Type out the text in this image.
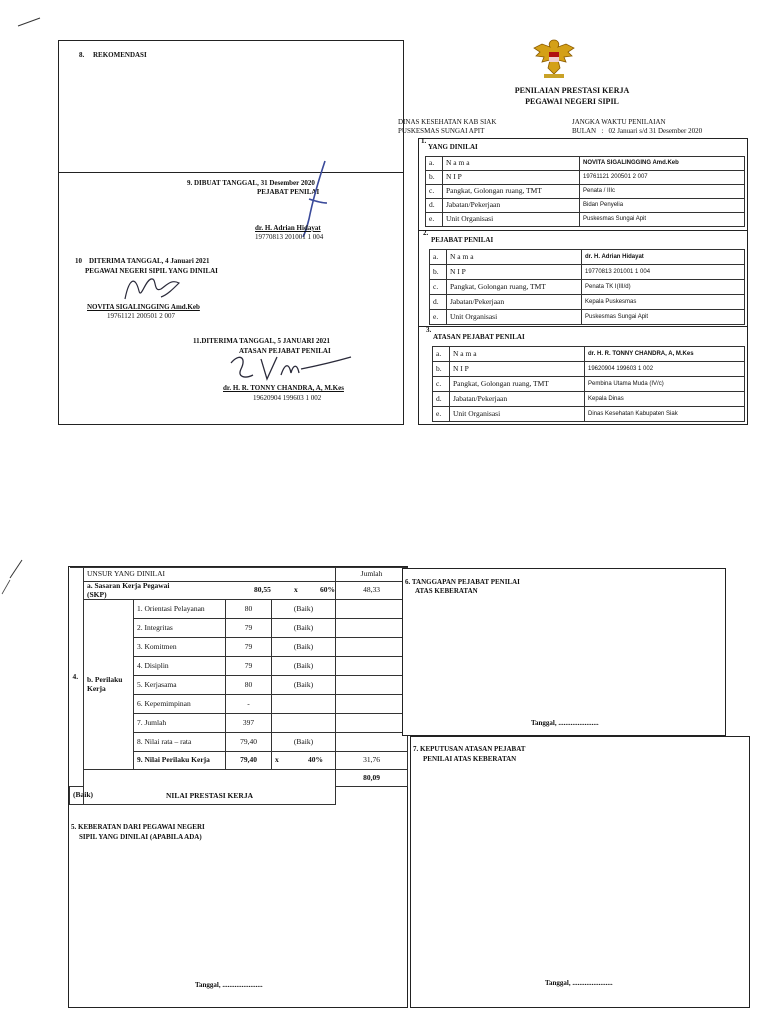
8.     REKOMENDASI
9. DIBUAT TANGGAL, 31 Desember 2020
PEJABAT PENILAI
dr. H. Adrian Hidayat
19770813 201001 1 004
10    DITERIMA TANGGAL, 4 Januari 2021
PEGAWAI NEGERI SIPIL YANG DINILAI
NOVITA SIGALINGGING Amd.Keb
19761121 200501 2 007
11.DITERIMA TANGGAL, 5 JANUARI 2021
ATASAN PEJABAT PENILAI
dr. H. R. TONNY CHANDRA, A, M.Kes
19620904 199603 1 002
PENILAIAN PRESTASI KERJA
PEGAWAI NEGERI SIPIL
DINAS KESEHATAN KAB SIAK
PUSKESMAS SUNGAI APIT
JANGKA WAKTU PENILAIAN
BULAN   :   02 Januari s/d 31 Desember 2020
1.
YANG DINILAI
a.	N a m a	NOVITA SIGALINGGING Amd.Keb
b.	N I P	19761121 200501 2 007
c.	Pangkat, Golongan ruang, TMT	Penata / IIIc
d.	Jabatan/Pekerjaan	Bidan Penyelia
e.	Unit Organisasi	Puskesmas Sungai Apit
2.
PEJABAT PENILAI
a.	N a m a	dr. H. Adrian Hidayat
b.	N I P	19770813 201001 1 004
c.	Pangkat, Golongan ruang, TMT	Penata TK I(III/d)
d.	Jabatan/Pekerjaan	Kepala Puskesmas
e.	Unit Organisasi	Puskesmas Sungai Apit
3.
ATASAN PEJABAT PENILAI
a.	N a m a	dr. H. R. TONNY CHANDRA, A, M.Kes
b.	N I P	19620904 199603 1 002
c.	Pangkat, Golongan ruang, TMT	Pembina Utama Muda (IV/c)
d.	Jabatan/Pekerjaan	Kepala Dinas
e.	Unit Organisasi	Dinas Kesehatan Kabupaten Siak
4.	UNSUR YANG DINILAI				Jumlah
	a. Sasaran Kerja Pegawai (SKP) 80,55 x 60%				48,33
	b. Perilaku Kerja	1. Orientasi Pelayanan	80	(Baik)	
		2. Integritas	79	(Baik)	
		3. Komitmen	79	(Baik)	
		4. Disiplin	79	(Baik)	
		5. Kerjasama	80	(Baik)	
		6. Kepemimpinan	-		
		7. Jumlah	397		
		8. Nilai rata – rata	79,40	(Baik)	
		9. Nilai Perilaku Kerja	79,40	x 40%	31,76
	NILAI PRESTASI KERJA				80,09
(Baik)					
5. KEBERATAN DARI PEGAWAI NEGERI
SIPIL YANG DINILAI (APABILA ADA)
Tanggal, .......................
6. TANGGAPAN PEJABAT PENILAI
ATAS KEBERATAN
Tanggal, .......................
7. KEPUTUSAN ATASAN PEJABAT
PENILAI ATAS KEBERATAN
Tanggal, .......................
